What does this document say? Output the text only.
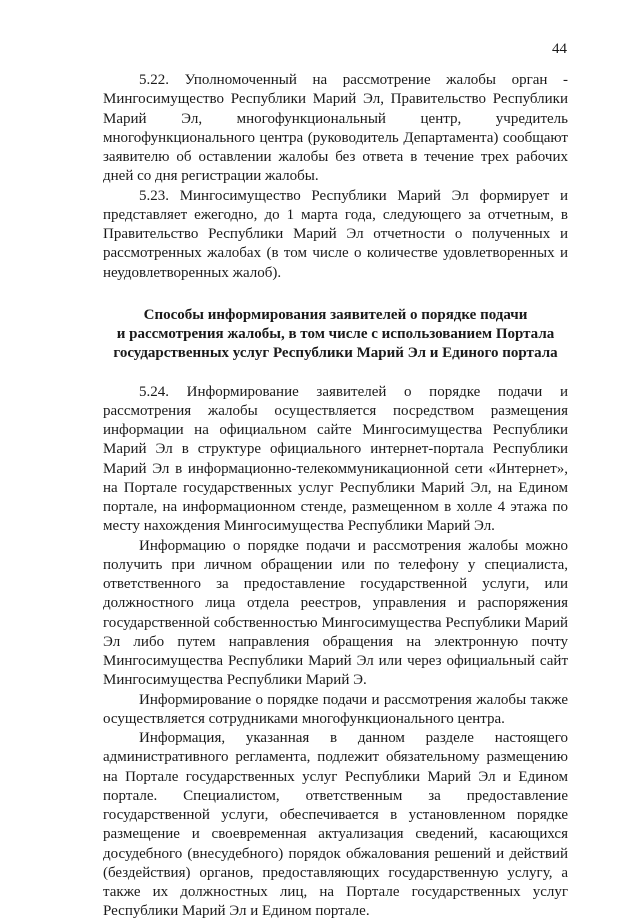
44

5.22. Уполномоченный на рассмотрение жалобы орган - Мингосимущество Республики Марий Эл, Правительство Республики Марий Эл, многофункциональный центр, учредитель многофункционального центра (руководитель Департамента) сообщают заявителю об оставлении жалобы без ответа в течение трех рабочих дней со дня регистрации жалобы.

5.23. Мингосимущество Республики Марий Эл формирует и представляет ежегодно, до 1 марта года, следующего за отчетным, в Правительство Республики Марий Эл отчетности о полученных и рассмотренных жалобах (в том числе о количестве удовлетворенных и неудовлетворенных жалоб).

Способы информирования заявителей о порядке подачи
и рассмотрения жалобы, в том числе с использованием Портала
государственных услуг Республики Марий Эл и Единого портала

5.24. Информирование заявителей о порядке подачи и рассмотрения жалобы осуществляется посредством размещения информации на официальном сайте Мингосимущества Республики Марий Эл в структуре официального интернет-портала Республики Марий Эл в информационно-телекоммуникационной сети «Интернет», на Портале государственных услуг Республики Марий Эл, на Едином портале, на информационном стенде, размещенном в холле 4 этажа по месту нахождения Мингосимущества Республики Марий Эл.

Информацию о порядке подачи и рассмотрения жалобы можно получить при личном обращении или по телефону у специалиста, ответственного за предоставление государственной услуги, или должностного лица отдела реестров, управления и распоряжения государственной собственностью Мингосимущества Республики Марий Эл либо путем направления обращения на электронную почту Мингосимущества Республики Марий Эл или через официальный сайт Мингосимущества Республики Марий Э.

Информирование о порядке подачи и рассмотрения жалобы также осуществляется сотрудниками многофункционального центра.

Информация, указанная в данном разделе настоящего административного регламента, подлежит обязательному размещению на Портале государственных услуг Республики Марий Эл и Едином портале. Специалистом, ответственным за предоставление государственной услуги, обеспечивается в установленном порядке размещение и своевременная актуализация сведений, касающихся досудебного (внесудебного) порядок обжалования решений и действий (бездействия) органов, предоставляющих государственную услугу, а также их должностных лиц, на Портале государственных услуг Республики Марий Эл и Едином портале.
